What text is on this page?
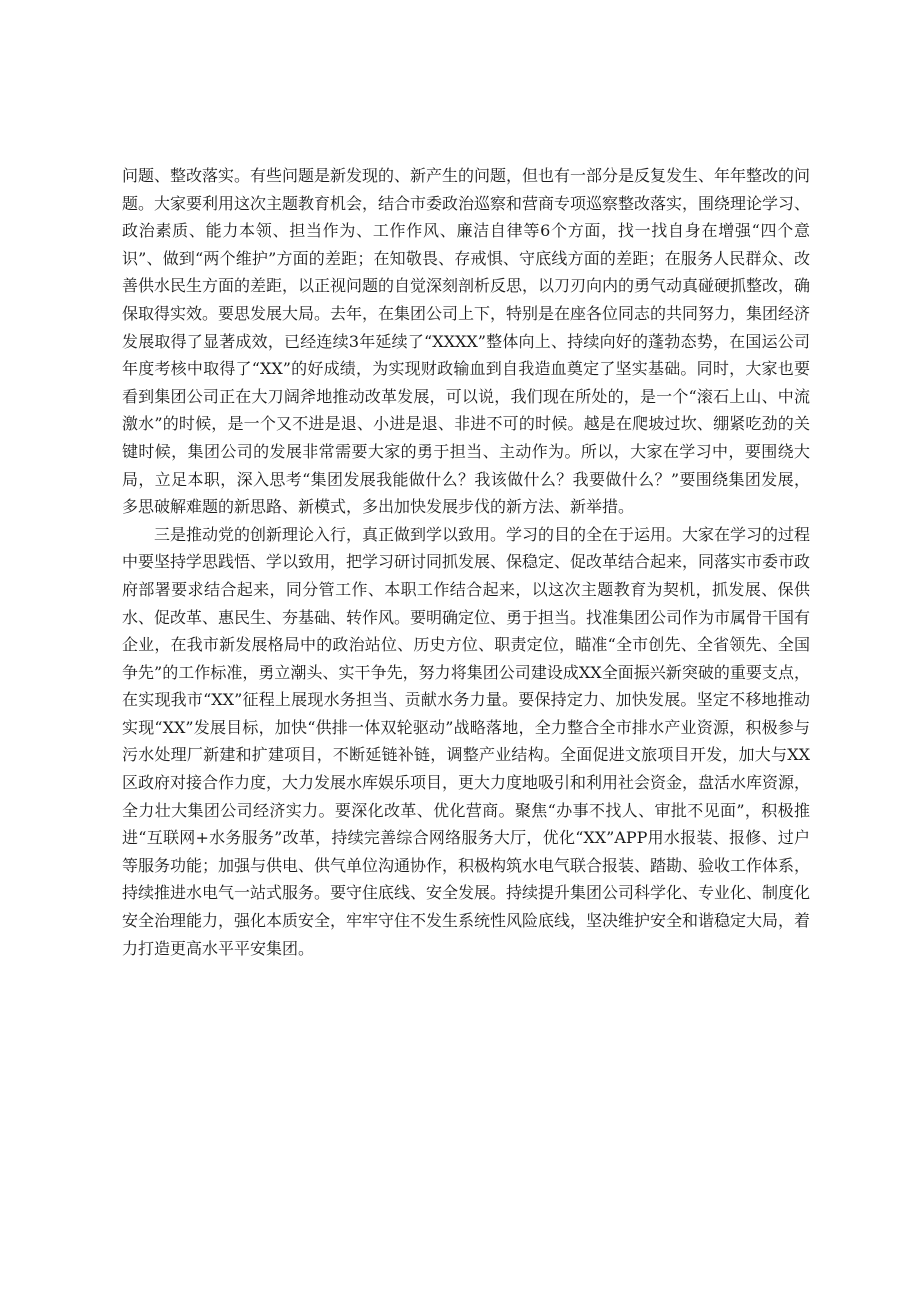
问题、整改落实。有些问题是新发现的、新产生的问题，但也有一部分是反复发生、年年整改的问题。大家要利用这次主题教育机会，结合市委政治巡察和营商专项巡察整改落实，围绕理论学习、政治素质、能力本领、担当作为、工作作风、廉洁自律等6个方面，找一找自身在增强“四个意识”、做到“两个维护”方面的差距；在知敬畏、存戒惧、守底线方面的差距；在服务人民群众、改善供水民生方面的差距，以正视问题的自觉深刻剖析反思，以刀刃向内的勇气动真碰硬抓整改，确保取得实效。要思发展大局。去年，在集团公司上下，特别是在座各位同志的共同努力，集团经济发展取得了显著成效，已经连续3年延续了“XXXX”整体向上、持续向好的蓬勃态势，在国运公司年度考核中取得了“XX”的好成绩，为实现财政输血到自我造血奠定了坚实基础。同时，大家也要看到集团公司正在大刀阔斧地推动改革发展，可以说，我们现在所处的，是一个“滚石上山、中流激水”的时候，是一个又不进是退、小进是退、非进不可的时候。越是在爬坡过坎、绷紧吃劲的关键时候，集团公司的发展非常需要大家的勇于担当、主动作为。所以，大家在学习中，要围绕大局，立足本职，深入思考“集团发展我能做什么？我该做什么？我要做什么？”要围绕集团发展，多思破解难题的新思路、新模式，多出加快发展步伐的新方法、新举措。

三是推动党的创新理论入行，真正做到学以致用。学习的目的全在于运用。大家在学习的过程中要坚持学思践悟、学以致用，把学习研讨同抓发展、保稳定、促改革结合起来，同落实市委市政府部署要求结合起来，同分管工作、本职工作结合起来，以这次主题教育为契机，抓发展、保供水、促改革、惠民生、夯基础、转作风。要明确定位、勇于担当。找准集团公司作为市属骨干国有企业，在我市新发展格局中的政治站位、历史方位、职责定位，瞄准“全市创先、全省领先、全国争先”的工作标准，勇立潮头、实干争先，努力将集团公司建设成XX全面振兴新突破的重要支点，在实现我市“XX”征程上展现水务担当、贡献水务力量。要保持定力、加快发展。坚定不移地推动实现“XX”发展目标，加快“供排一体双轮驱动”战略落地，全力整合全市排水产业资源，积极参与污水处理厂新建和扩建项目，不断延链补链，调整产业结构。全面促进文旅项目开发，加大与XX区政府对接合作力度，大力发展水库娱乐项目，更大力度地吸引和利用社会资金，盘活水库资源，全力壮大集团公司经济实力。要深化改革、优化营商。聚焦“办事不找人、审批不见面”，积极推进“互联网+水务服务”改革，持续完善综合网络服务大厅，优化“XX”APP用水报装、报修、过户等服务功能；加强与供电、供气单位沟通协作，积极构筑水电气联合报装、踏勘、验收工作体系，持续推进水电气一站式服务。要守住底线、安全发展。持续提升集团公司科学化、专业化、制度化安全治理能力，强化本质安全，牢牢守住不发生系统性风险底线，坚决维护安全和谐稳定大局，着力打造更高水平平安集团。
